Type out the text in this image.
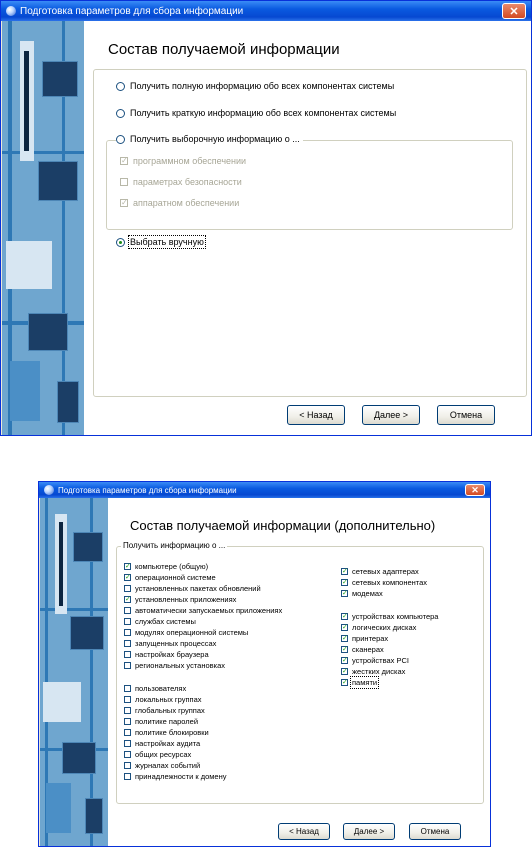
Подготовка параметров для сбора информации	✕
Состав получаемой информации
Получить полную информацию обо всех компонентах системы
Получить краткую информацию обо всех компонентах системы
Получить выборочную информацию о ...
✓ программном обеспечении
параметрах безопасности
✓ аппаратном обеспечении
Выбрать вручную
< Назад	Далее >	Отмена
Подготовка параметров для сбора информации	✕
Состав получаемой информации (дополнительно)
Получить информацию о ...
✓ компьютере (общую)
✓ операционной системе
установленных пакетах обновлений
✓ установленных приложениях
автоматически запускаемых приложениях
службах системы
модулях операционной системы
запущенных процессах
настройках браузера
региональных установках
пользователях
локальных группах
глобальных группах
политике паролей
политике блокировки
настройках аудита
общих ресурсах
журналах событий
принадлежности к домену
✓ сетевых адаптерах
✓ сетевых компонентах
✓ модемах
✓ устройствах компьютера
✓ логических дисках
✓ принтерах
✓ сканерах
✓ устройствах PCI
✓ жестких дисках
✓ памяти
< Назад	Далее >	Отмена
